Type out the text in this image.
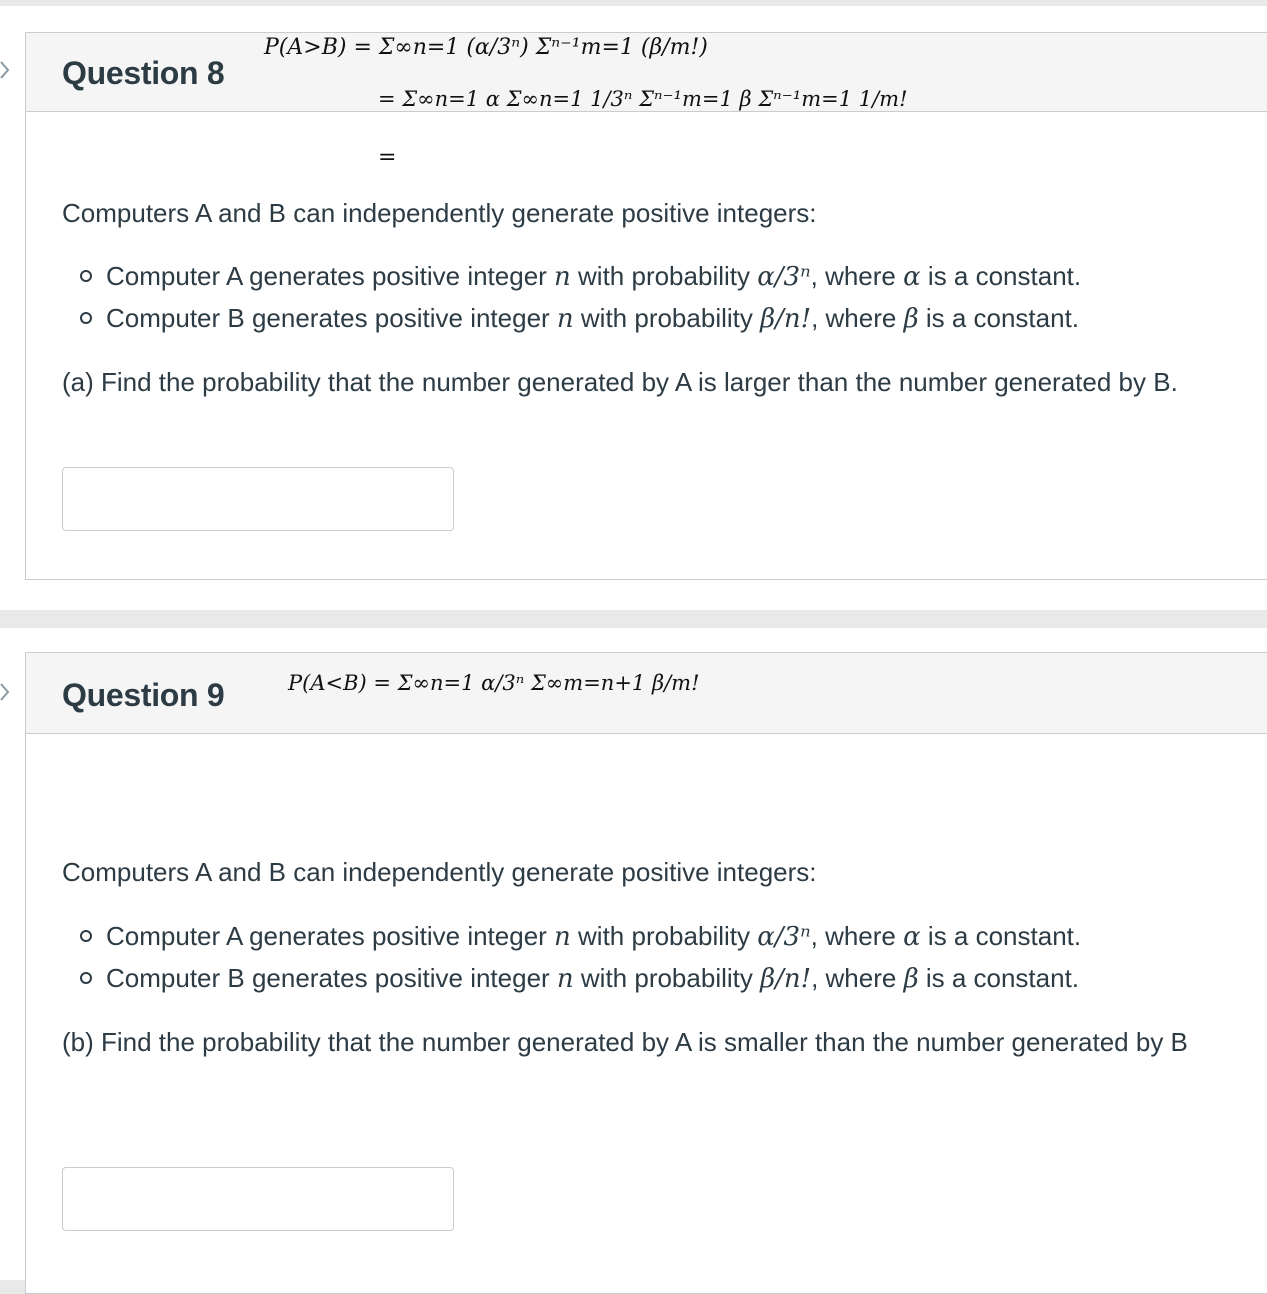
Question 8
P(A>B) = Σ∞n=1 (α/3ⁿ) Σⁿ⁻¹m=1 (β/m!)
= Σ∞n=1 α Σ∞n=1 1/3ⁿ Σⁿ⁻¹m=1 β Σⁿ⁻¹m=1 1/m!
=
Computers A and B can independently generate positive integers:
Computer A generates positive integer n with probability α/3ⁿ, where α is a constant.
Computer B generates positive integer n with probability β/n!, where β is a constant.
(a) Find the probability that the number generated by A is larger than the number generated by B.
Question 9	P(A<B) = Σ∞n=1 α/3ⁿ Σ∞m=n+1 β/m!
Computers A and B can independently generate positive integers:
Computer A generates positive integer n with probability α/3ⁿ, where α is a constant.
Computer B generates positive integer n with probability β/n!, where β is a constant.
(b) Find the probability that the number generated by A is smaller than the number generated by B
